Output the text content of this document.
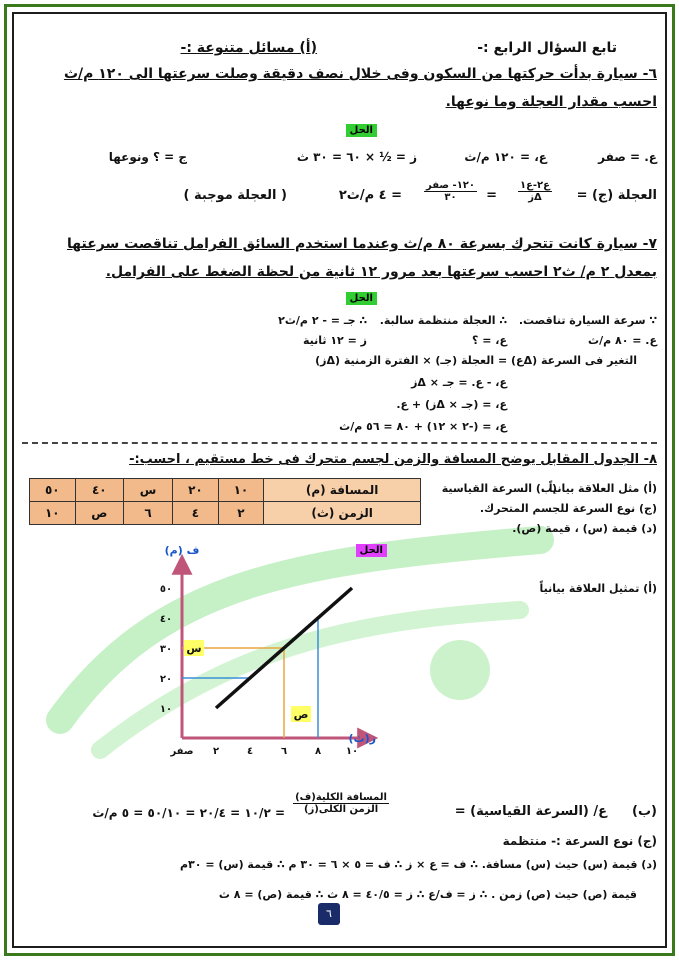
تابع السؤال الرابع :-
(أ) مسائل متنوعة :-
٦- سيارة بدأت حركتها من السكون وفى خلال نصف دقيقة وصلت سرعتها الى ١٢٠ م/ث
احسب مقدار العجلة وما نوعها.
الحل
ع. = صفر
ع، = ١٢٠ م/ث
ز = ½ × ٦٠ = ٣٠ ث
ج = ؟ ونوعها
العجلة (ج) =
$\frac{\text{ع٢-ع١}}{\text{Δز}}$
=
$\frac{\text{١٢٠- صفر}}{٣٠}$
= ٤ م/ث٢
( العجلة موجبة )
٧- سيارة كانت تتحرك بسرعة ٨٠ م/ث وعندما استخدم السائق الفرامل تناقصت سرعتها
بمعدل ٢ م/ ث٢ احسب سرعتها بعد مرور ١٢ ثانية من لحظة الضغط على الفرامل.
الحل
∵ سرعة السيارة تناقصت.
∴ العجلة منتظمة سالبة.
∴ جـ = - ٢ م/ث٢
ع. = ٨٠ م/ث
ع، = ؟
ز = ١٢ ثانية
التغير فى السرعة (Δع) = العجلة (جـ) × الفترة الزمنية (Δز)
ع، - ع. = جـ × Δز
ع، = (جـ × Δز) + ع.
ع، = (-٢ × ١٢) + ٨٠ = ٥٦ م/ث
٨- الجدول المقابل يوضح المسافة والزمن لجسم متحرك فى خط مستقيم ، احسب:-
(أ) مثل العلاقة بيانياً .
(ب) السرعة القياسية
(ج) نوع السرعة للجسم المتحرك.
(د) قيمة (س) ، قيمة (ص).
المسافة (م)	١٠	٢٠	س	٤٠	٥٠
الزمن (ث)	٢	٤	٦	ص	١٠
الحل
(أ) تمثيل العلاقة بيانياً
س
ص
صفر ٢	٤	٦	٨ ١٠
١٠
٢٠
٣٠
٤٠
٥٠
ز(ث)
ف (م)
(ب)
ع/ (السرعة القياسية) =
$\frac{\text{المسافة الكلية(ف)}}{\text{الزمن الكلى(ز)}}$
= ١٠/٢ = ٢٠/٤ = ٥٠/١٠ = ٥ م/ث
(ج) نوع السرعة :- منتظمة
(د) قيمة (س) حيث (س) مسافة. ∴ ف = ع × ز ∴ ف = ٥ × ٦ = ٣٠ م ∴ قيمة (س) = ٣٠م
قيمة (ص) حيث (ص) زمن . ∴ ز = ف/ع ∴ ز = ٤٠/٥ = ٨ ث ∴ قيمة (ص) = ٨ ث
٦
